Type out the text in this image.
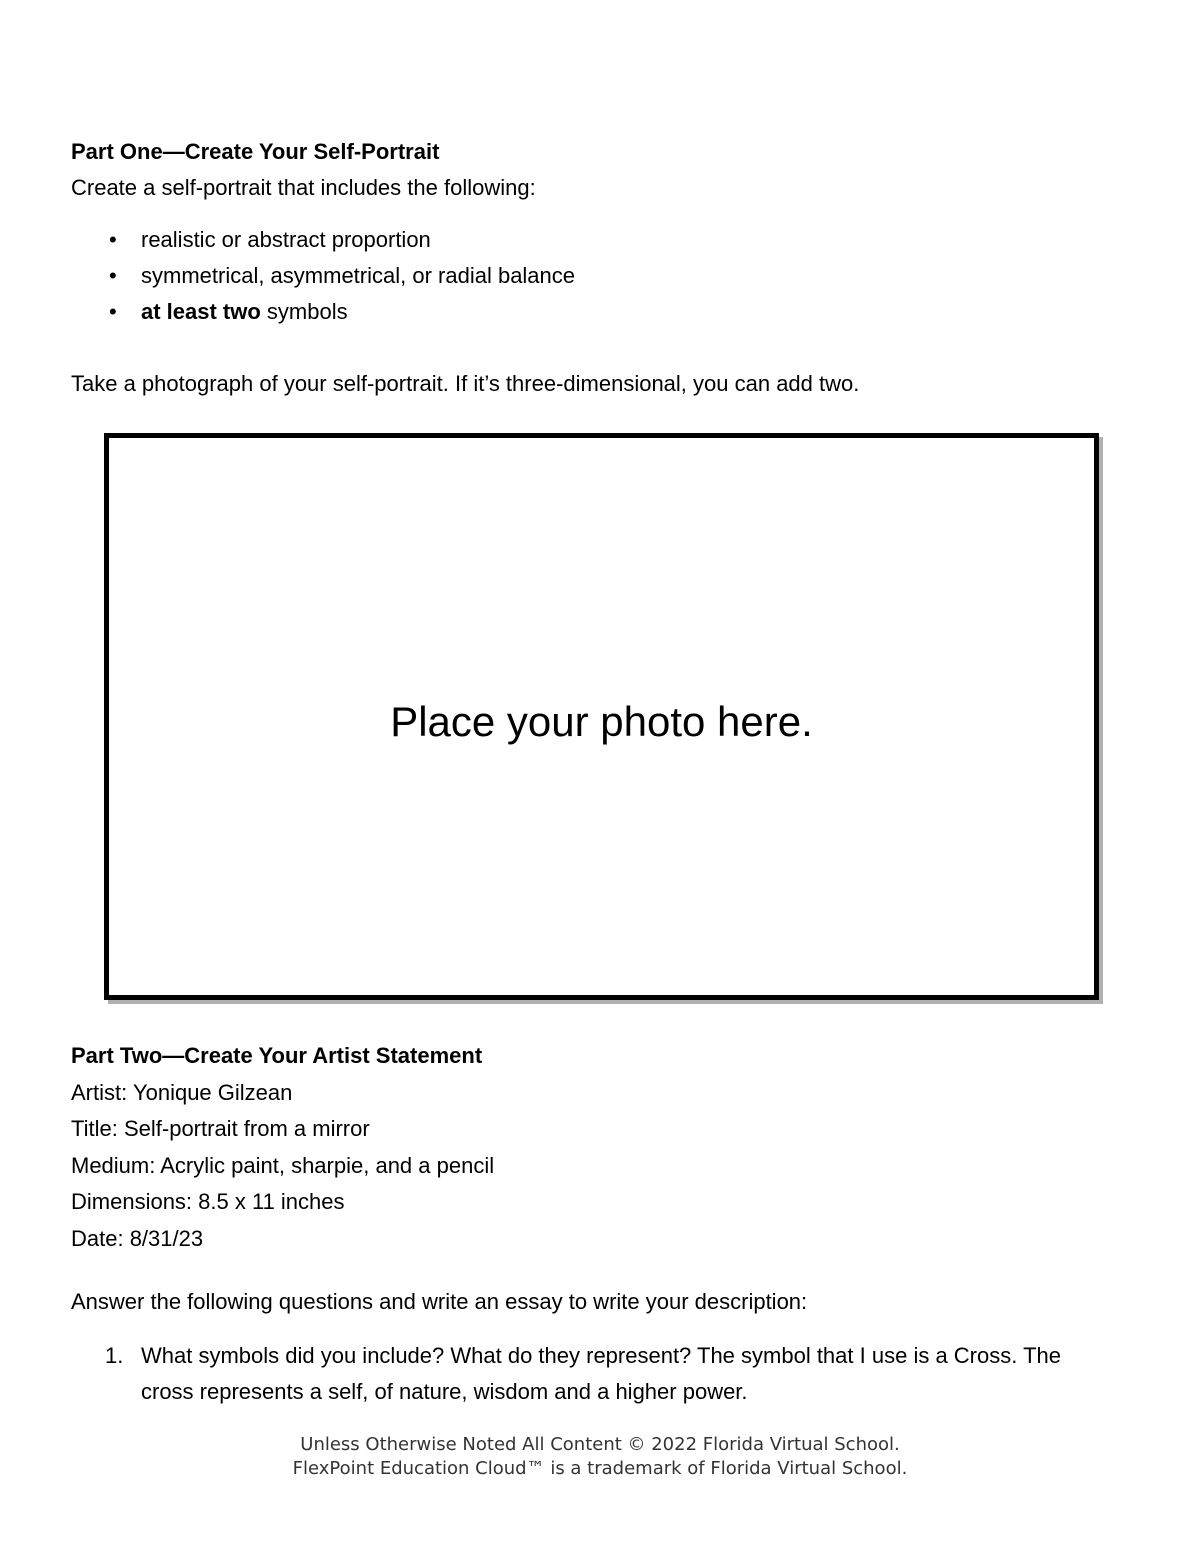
Part One—Create Your Self-Portrait
Create a self-portrait that includes the following:
• realistic or abstract proportion
• symmetrical, asymmetrical, or radial balance
• at least two symbols
Take a photograph of your self-portrait. If it’s three-dimensional, you can add two.
Place your photo here.
Part Two—Create Your Artist Statement
Artist: Yonique Gilzean
Title: Self-portrait from a mirror
Medium: Acrylic paint, sharpie, and a pencil
Dimensions: 8.5 x 11 inches
Date: 8/31/23
Answer the following questions and write an essay to write your description:
1. What symbols did you include? What do they represent? The symbol that I use is a Cross. The cross represents a self, of nature, wisdom and a higher power.
Unless Otherwise Noted All Content © 2022 Florida Virtual School.
FlexPoint Education Cloud™ is a trademark of Florida Virtual School.
